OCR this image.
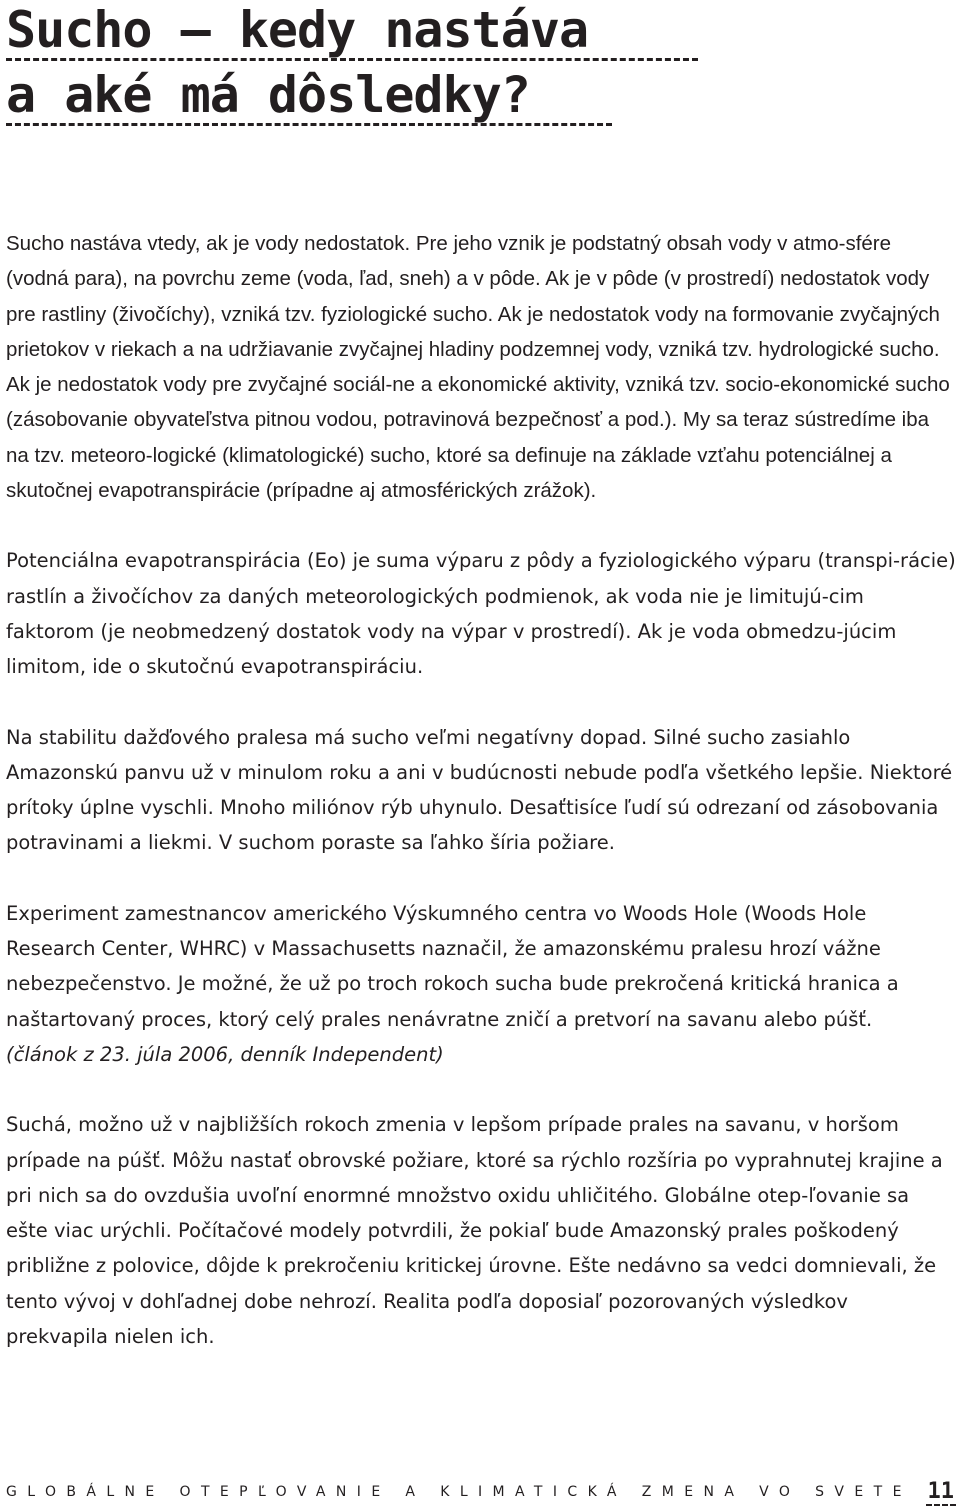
Sucho – kedy nastáva
a aké má dôsledky?

Sucho nastáva vtedy, ak je vody nedostatok. Pre jeho vznik je podstatný obsah vody v atmo-sfére (vodná para), na povrchu zeme (voda, ľad, sneh) a v pôde. Ak je v pôde (v prostredí) nedostatok vody pre rastliny (živočíchy), vzniká tzv. fyziologické sucho. Ak je nedostatok vody na formovanie zvyčajných prietokov v riekach a na udržiavanie zvyčajnej hladiny podzemnej vody, vzniká tzv. hydrologické sucho. Ak je nedostatok vody pre zvyčajné sociál-ne a ekonomické aktivity, vzniká tzv. socio-ekonomické sucho (zásobovanie obyvateľstva pitnou vodou, potravinová bezpečnosť a pod.). My sa teraz sústredíme iba na tzv. meteoro-logické (klimatologické) sucho, ktoré sa definuje na základe vzťahu potenciálnej a skutočnej evapotranspirácie (prípadne aj atmosférických zrážok).

Potenciálna evapotranspirácia (Eo) je suma výparu z pôdy a fyziologického výparu (transpi-rácie) rastlín a živočíchov za daných meteorologických podmienok, ak voda nie je limitujú-cim faktorom (je neobmedzený dostatok vody na výpar v prostredí). Ak je voda obmedzu-júcim limitom, ide o skutočnú evapotranspiráciu.

Na stabilitu dažďového pralesa má sucho veľmi negatívny dopad. Silné sucho zasiahlo Amazonskú panvu už v minulom roku a ani v budúcnosti nebude podľa všetkého lepšie. Niektoré prítoky úplne vyschli. Mnoho miliónov rýb uhynulo. Desaťtisíce ľudí sú odrezaní od zásobovania potravinami a liekmi. V suchom poraste sa ľahko šíria požiare.

Experiment zamestnancov amerického Výskumného centra vo Woods Hole (Woods Hole Research Center, WHRC) v Massachusetts naznačil, že amazonskému pralesu hrozí vážne nebezpečenstvo. Je možné, že už po troch rokoch sucha bude prekročená kritická hranica a naštartovaný proces, ktorý celý prales nenávratne zničí a pretvorí na savanu alebo púšť.
(článok z 23. júla 2006, denník Independent)

Suchá, možno už v najbližších rokoch zmenia v lepšom prípade prales na savanu, v horšom prípade na púšť. Môžu nastať obrovské požiare, ktoré sa rýchlo rozšíria po vyprahnutej krajine a pri nich sa do ovzdušia uvoľní enormné množstvo oxidu uhličitého. Globálne otep-ľovanie sa ešte viac urýchli. Počítačové modely potvrdili, že pokiaľ bude Amazonský prales poškodený približne z polovice, dôjde k prekročeniu kritickej úrovne. Ešte nedávno sa vedci domnievali, že tento vývoj v dohľadnej dobe nehrozí. Realita podľa doposiaľ pozorovaných výsledkov prekvapila nielen ich.

GLOBÁLNE OTEPĽOVANIE A KLIMATICKÁ ZMENA VO SVETE 11
